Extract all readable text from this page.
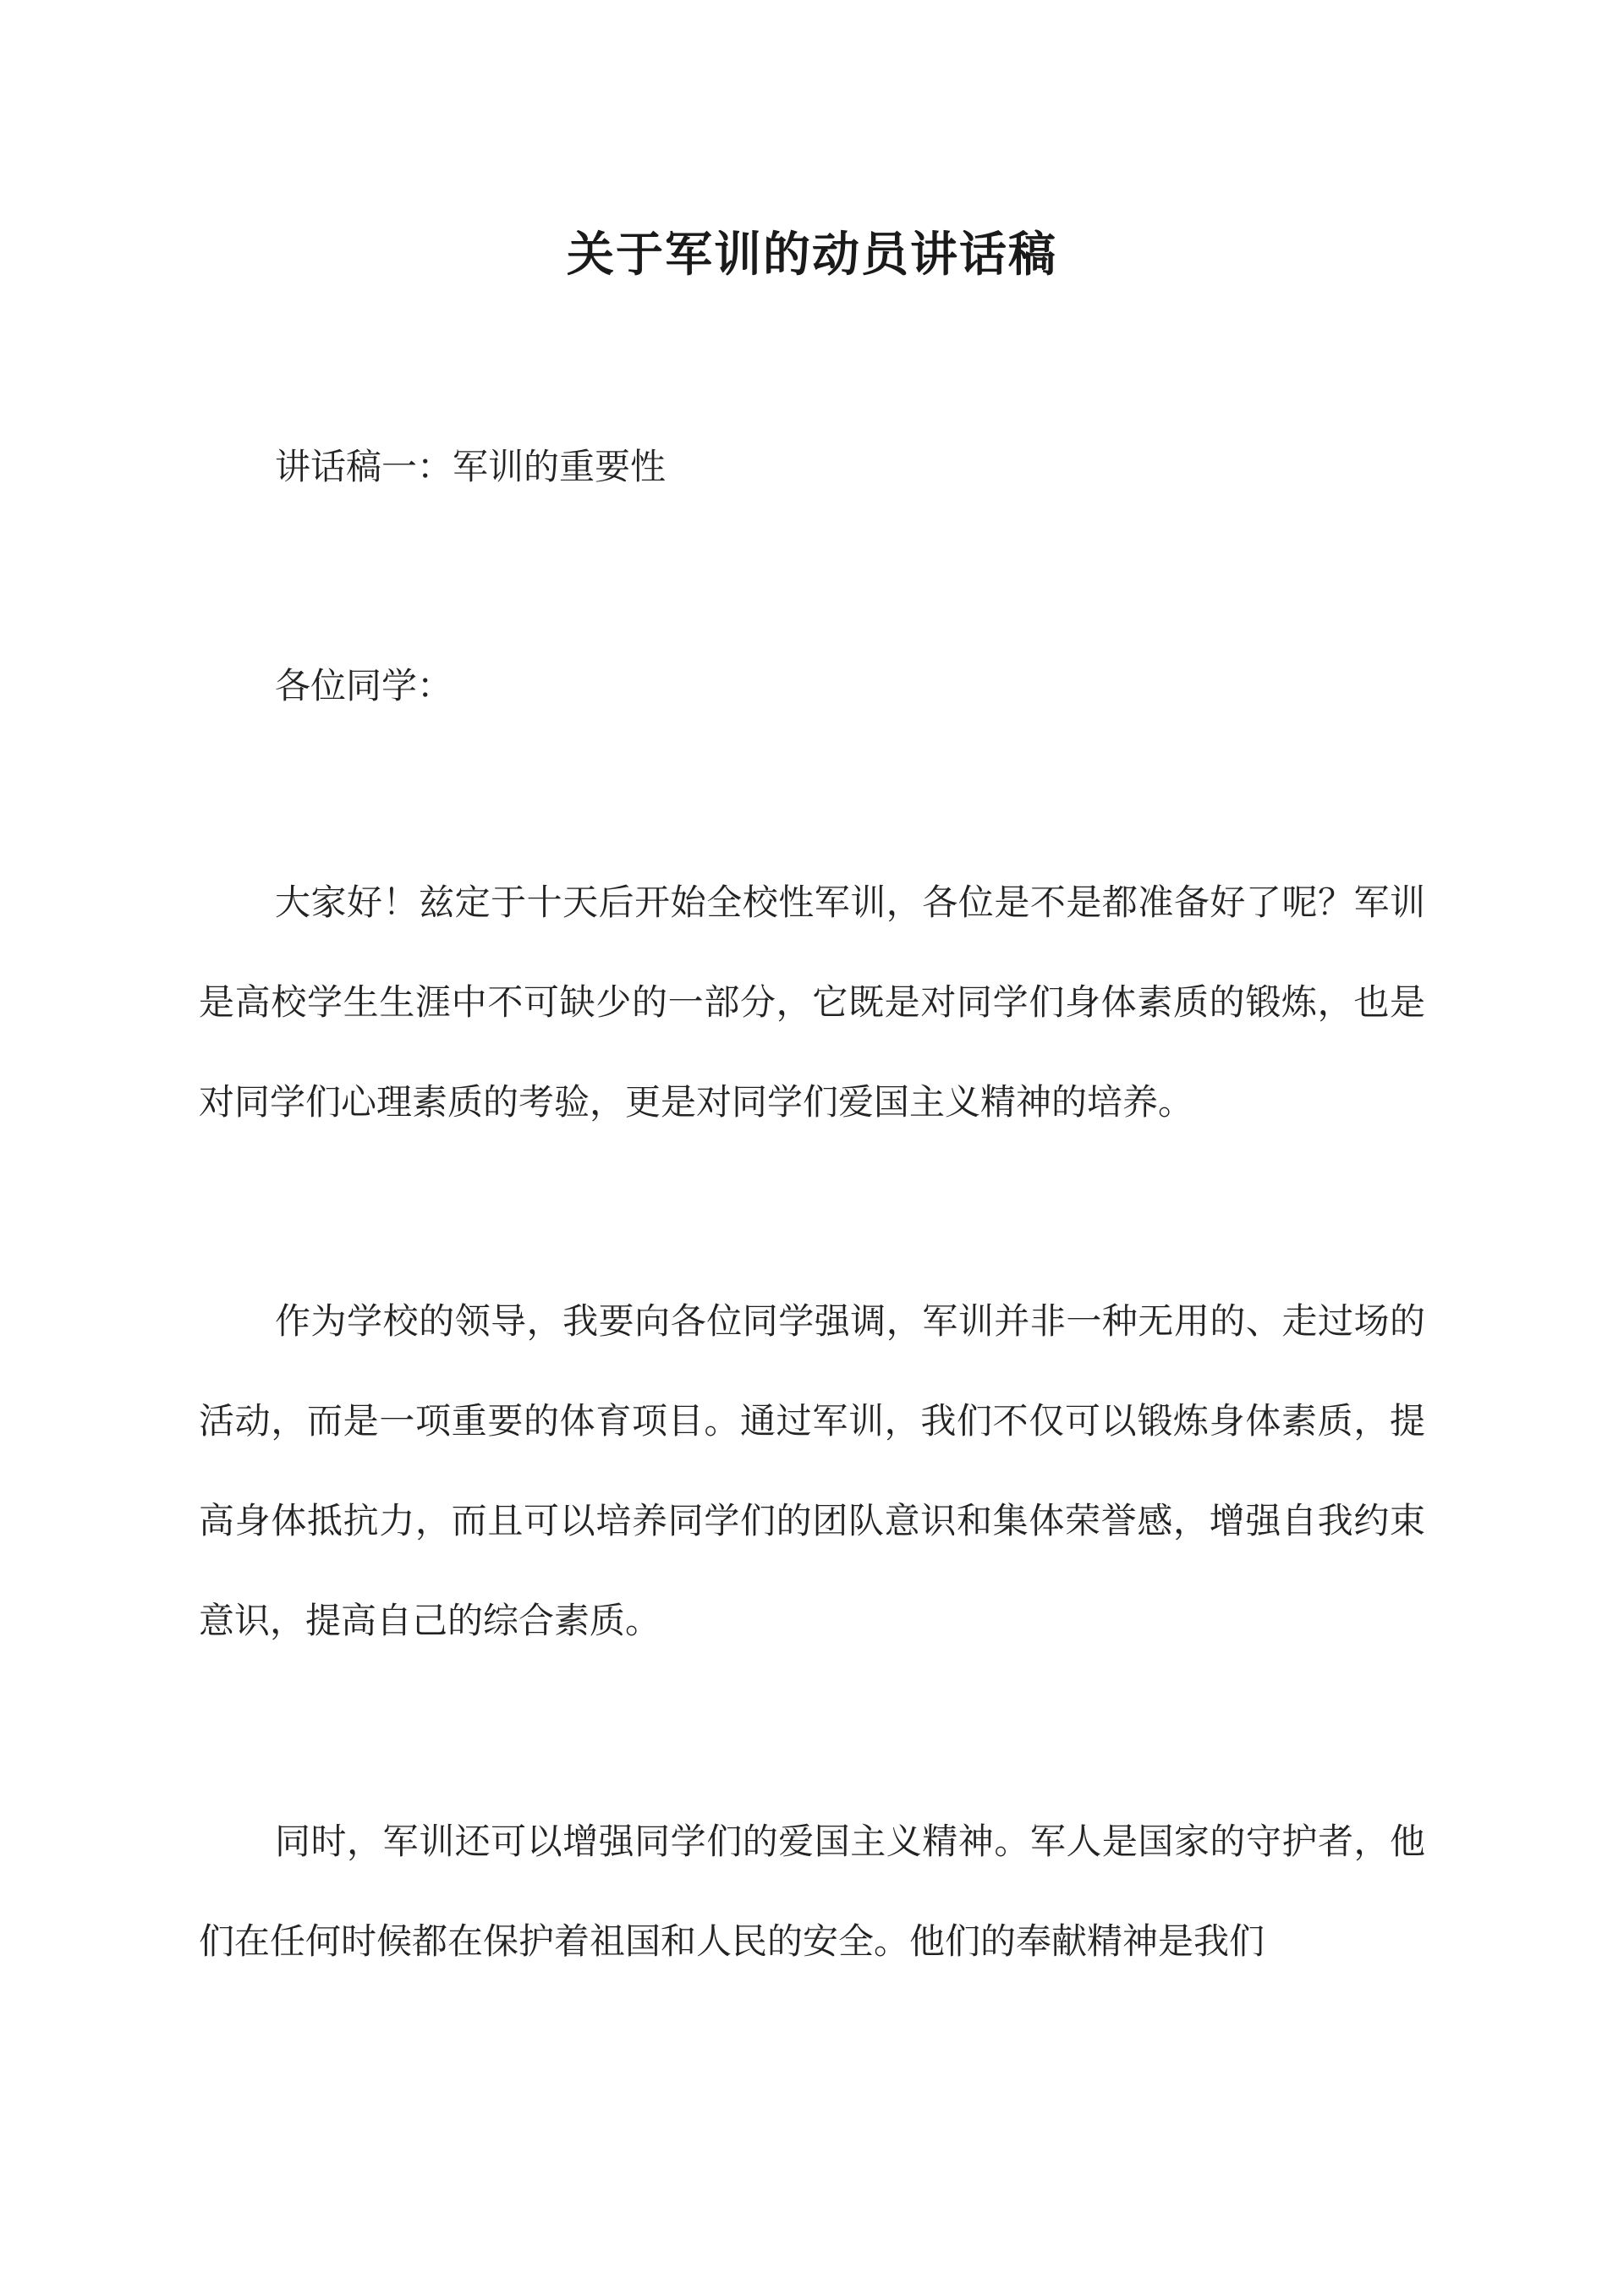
关于军训的动员讲话稿

讲话稿一：军训的重要性

各位同学：

大家好！兹定于十天后开始全校性军训，各位是不是都准备好了呢？军训是高校学生生涯中不可缺少的一部分，它既是对同学们身体素质的锻炼，也是对同学们心理素质的考验，更是对同学们爱国主义精神的培养。

作为学校的领导，我要向各位同学强调，军训并非一种无用的、走过场的活动，而是一项重要的体育项目。通过军训，我们不仅可以锻炼身体素质，提高身体抵抗力，而且可以培养同学们的团队意识和集体荣誉感，增强自我约束意识，提高自己的综合素质。

同时，军训还可以增强同学们的爱国主义精神。军人是国家的守护者，他们在任何时候都在保护着祖国和人民的安全。他们的奉献精神是我们
